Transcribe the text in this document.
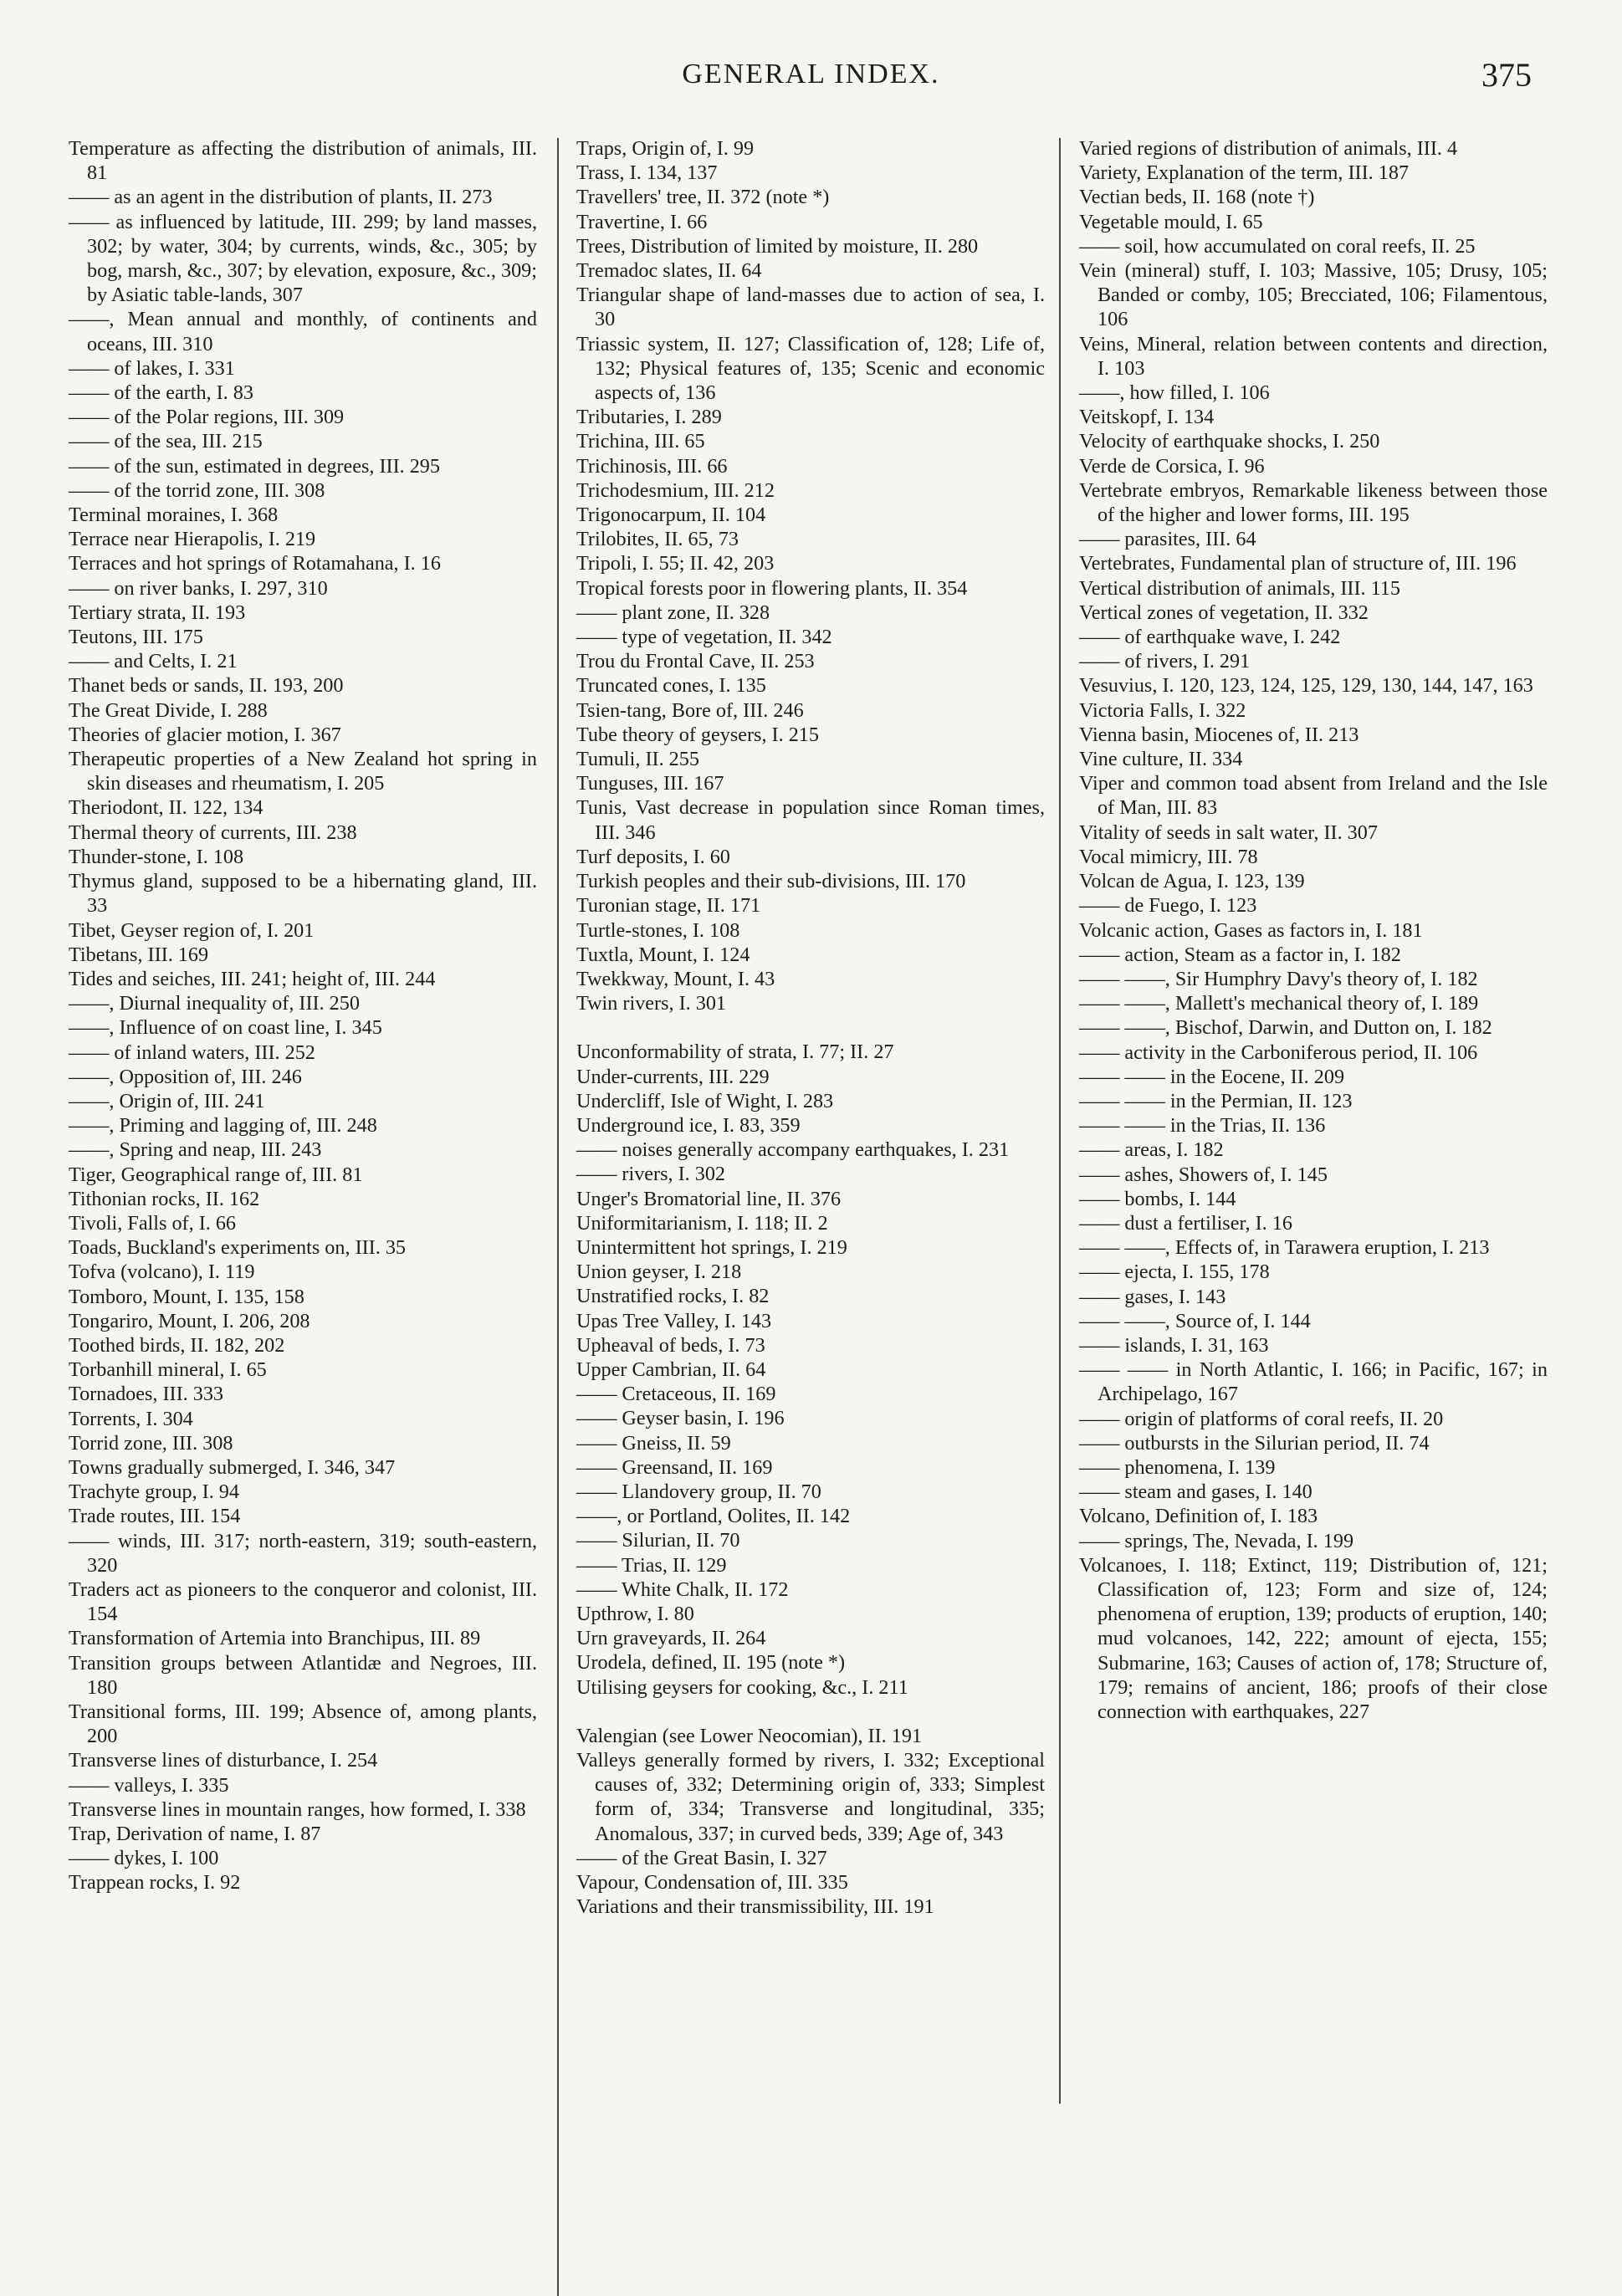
GENERAL INDEX.	375

Temperature as affecting the distribution of animals, III. 81

—— as an agent in the distribution of plants, II. 273

—— as influenced by latitude, III. 299; by land masses, 302; by water, 304; by currents, winds, &c., 305; by bog, marsh, &c., 307; by elevation, exposure, &c., 309; by Asiatic table-lands, 307

——, Mean annual and monthly, of continents and oceans, III. 310

—— of lakes, I. 331

—— of the earth, I. 83

—— of the Polar regions, III. 309

—— of the sea, III. 215

—— of the sun, estimated in degrees, III. 295

—— of the torrid zone, III. 308

Terminal moraines, I. 368

Terrace near Hierapolis, I. 219

Terraces and hot springs of Rotamahana, I. 16

—— on river banks, I. 297, 310

Tertiary strata, II. 193

Teutons, III. 175

—— and Celts, I. 21

Thanet beds or sands, II. 193, 200

The Great Divide, I. 288

Theories of glacier motion, I. 367

Therapeutic properties of a New Zealand hot spring in skin diseases and rheumatism, I. 205

Theriodont, II. 122, 134

Thermal theory of currents, III. 238

Thunder-stone, I. 108

Thymus gland, supposed to be a hibernating gland, III. 33

Tibet, Geyser region of, I. 201

Tibetans, III. 169

Tides and seiches, III. 241; height of, III. 244

——, Diurnal inequality of, III. 250

——, Influence of on coast line, I. 345

—— of inland waters, III. 252

——, Opposition of, III. 246

——, Origin of, III. 241

——, Priming and lagging of, III. 248

——, Spring and neap, III. 243

Tiger, Geographical range of, III. 81

Tithonian rocks, II. 162

Tivoli, Falls of, I. 66

Toads, Buckland's experiments on, III. 35

Tofva (volcano), I. 119

Tomboro, Mount, I. 135, 158

Tongariro, Mount, I. 206, 208

Toothed birds, II. 182, 202

Torbanhill mineral, I. 65

Tornadoes, III. 333

Torrents, I. 304

Torrid zone, III. 308

Towns gradually submerged, I. 346, 347

Trachyte group, I. 94

Trade routes, III. 154

—— winds, III. 317; north-eastern, 319; south-eastern, 320

Traders act as pioneers to the conqueror and colonist, III. 154

Transformation of Artemia into Branchipus, III. 89

Transition groups between Atlantidæ and Negroes, III. 180

Transitional forms, III. 199; Absence of, among plants, 200

Transverse lines of disturbance, I. 254

—— valleys, I. 335

Transverse lines in mountain ranges, how formed, I. 338

Trap, Derivation of name, I. 87

—— dykes, I. 100

Trappean rocks, I. 92

Traps, Origin of, I. 99

Trass, I. 134, 137

Travellers' tree, II. 372 (note *)

Travertine, I. 66

Trees, Distribution of limited by moisture, II. 280

Tremadoc slates, II. 64

Triangular shape of land-masses due to action of sea, I. 30

Triassic system, II. 127; Classification of, 128; Life of, 132; Physical features of, 135; Scenic and economic aspects of, 136

Tributaries, I. 289

Trichina, III. 65

Trichinosis, III. 66

Trichodesmium, III. 212

Trigonocarpum, II. 104

Trilobites, II. 65, 73

Tripoli, I. 55; II. 42, 203

Tropical forests poor in flowering plants, II. 354

—— plant zone, II. 328

—— type of vegetation, II. 342

Trou du Frontal Cave, II. 253

Truncated cones, I. 135

Tsien-tang, Bore of, III. 246

Tube theory of geysers, I. 215

Tumuli, II. 255

Tunguses, III. 167

Tunis, Vast decrease in population since Roman times, III. 346

Turf deposits, I. 60

Turkish peoples and their sub-divisions, III. 170

Turonian stage, II. 171

Turtle-stones, I. 108

Tuxtla, Mount, I. 124

Twekkway, Mount, I. 43

Twin rivers, I. 301

Unconformability of strata, I. 77; II. 27

Under-currents, III. 229

Undercliff, Isle of Wight, I. 283

Underground ice, I. 83, 359

—— noises generally accompany earthquakes, I. 231

—— rivers, I. 302

Unger's Bromatorial line, II. 376

Uniformitarianism, I. 118; II. 2

Unintermittent hot springs, I. 219

Union geyser, I. 218

Unstratified rocks, I. 82

Upas Tree Valley, I. 143

Upheaval of beds, I. 73

Upper Cambrian, II. 64

—— Cretaceous, II. 169

—— Geyser basin, I. 196

—— Gneiss, II. 59

—— Greensand, II. 169

—— Llandovery group, II. 70

——, or Portland, Oolites, II. 142

—— Silurian, II. 70

—— Trias, II. 129

—— White Chalk, II. 172

Upthrow, I. 80

Urn graveyards, II. 264

Urodela, defined, II. 195 (note *)

Utilising geysers for cooking, &c., I. 211

Valengian (see Lower Neocomian), II. 191

Valleys generally formed by rivers, I. 332; Exceptional causes of, 332; Determining origin of, 333; Simplest form of, 334; Transverse and longitudinal, 335; Anomalous, 337; in curved beds, 339; Age of, 343

—— of the Great Basin, I. 327

Vapour, Condensation of, III. 335

Variations and their transmissibility, III. 191

Varied regions of distribution of animals, III. 4

Variety, Explanation of the term, III. 187

Vectian beds, II. 168 (note †)

Vegetable mould, I. 65

—— soil, how accumulated on coral reefs, II. 25

Vein (mineral) stuff, I. 103; Massive, 105; Drusy, 105; Banded or comby, 105; Brecciated, 106; Filamentous, 106

Veins, Mineral, relation between contents and direction, I. 103

——, how filled, I. 106

Veitskopf, I. 134

Velocity of earthquake shocks, I. 250

Verde de Corsica, I. 96

Vertebrate embryos, Remarkable likeness between those of the higher and lower forms, III. 195

—— parasites, III. 64

Vertebrates, Fundamental plan of structure of, III. 196

Vertical distribution of animals, III. 115

Vertical zones of vegetation, II. 332

—— of earthquake wave, I. 242

—— of rivers, I. 291

Vesuvius, I. 120, 123, 124, 125, 129, 130, 144, 147, 163

Victoria Falls, I. 322

Vienna basin, Miocenes of, II. 213

Vine culture, II. 334

Viper and common toad absent from Ireland and the Isle of Man, III. 83

Vitality of seeds in salt water, II. 307

Vocal mimicry, III. 78

Volcan de Agua, I. 123, 139

—— de Fuego, I. 123

Volcanic action, Gases as factors in, I. 181

—— action, Steam as a factor in, I. 182

—— ——, Sir Humphry Davy's theory of, I. 182

—— ——, Mallett's mechanical theory of, I. 189

—— ——, Bischof, Darwin, and Dutton on, I. 182

—— activity in the Carboniferous period, II. 106

—— —— in the Eocene, II. 209

—— —— in the Permian, II. 123

—— —— in the Trias, II. 136

—— areas, I. 182

—— ashes, Showers of, I. 145

—— bombs, I. 144

—— dust a fertiliser, I. 16

—— ——, Effects of, in Tarawera eruption, I. 213

—— ejecta, I. 155, 178

—— gases, I. 143

—— ——, Source of, I. 144

—— islands, I. 31, 163

—— —— in North Atlantic, I. 166; in Pacific, 167; in Archipelago, 167

—— origin of platforms of coral reefs, II. 20

—— outbursts in the Silurian period, II. 74

—— phenomena, I. 139

—— steam and gases, I. 140

Volcano, Definition of, I. 183

—— springs, The, Nevada, I. 199

Volcanoes, I. 118; Extinct, 119; Distribution of, 121; Classification of, 123; Form and size of, 124; phenomena of eruption, 139; products of eruption, 140; mud volcanoes, 142, 222; amount of ejecta, 155; Submarine, 163; Causes of action of, 178; Structure of, 179; remains of ancient, 186; proofs of their close connection with earthquakes, 227
